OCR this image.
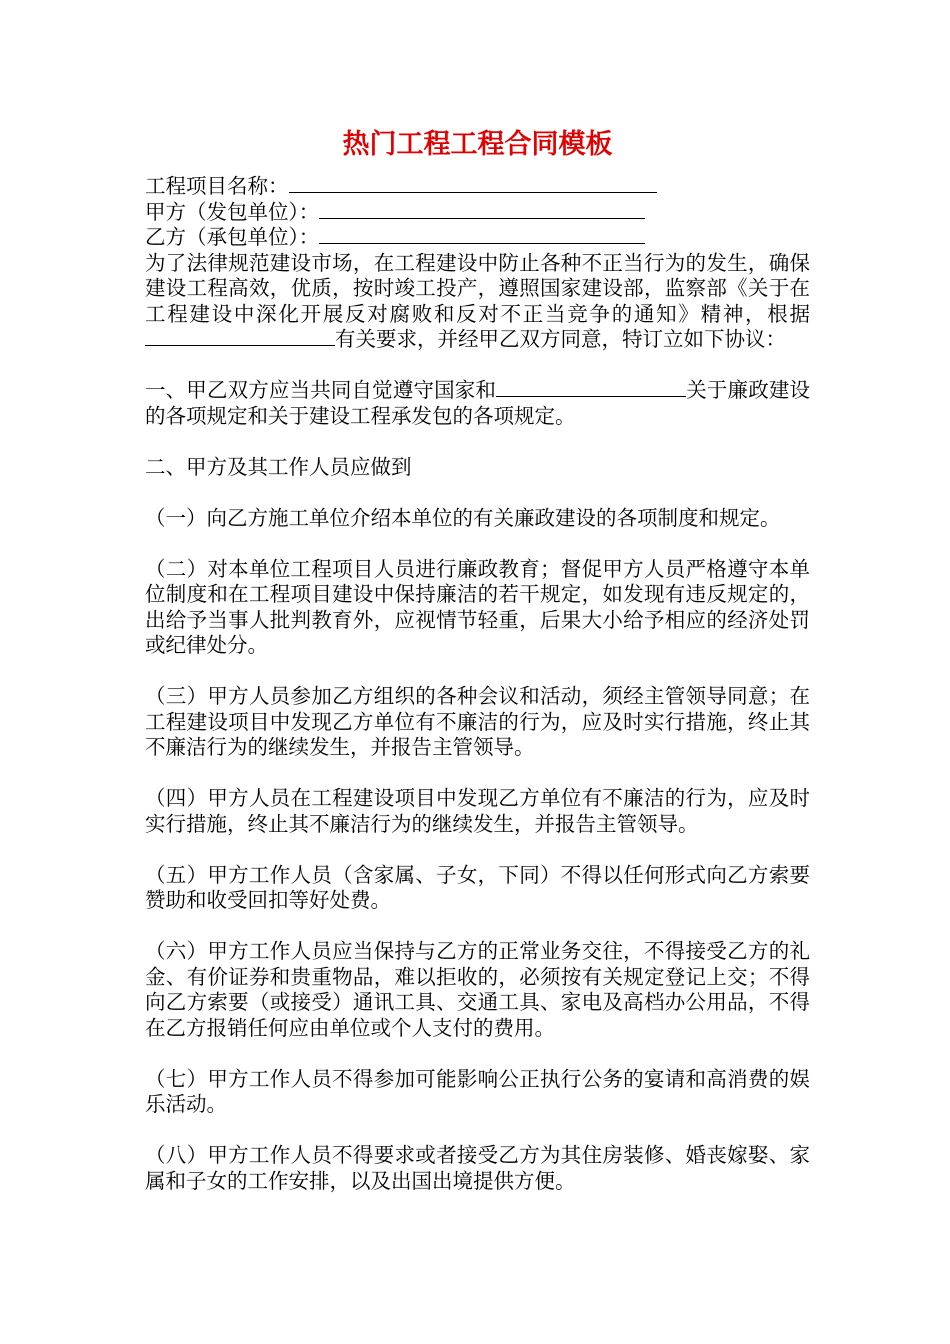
热门工程工程合同模板
工程项目名称：
甲方（发包单位）：
乙方（承包单位）：

为了法律规范建设市场，在工程建设中防止各种不正当行为的发生，确保建设工程高效，优质，按时竣工投产，遵照国家建设部，监察部《关于在工程建设中深化开展反对腐败和反对不正当竞争的通知》精神，根据有关要求，并经甲乙双方同意，特订立如下协议：

一、甲乙双方应当共同自觉遵守国家和	关于廉政建设的各项规定和关于建设工程承发包的各项规定。

二、甲方及其工作人员应做到

（一）向乙方施工单位介绍本单位的有关廉政建设的各项制度和规定。

（二）对本单位工程项目人员进行廉政教育；督促甲方人员严格遵守本单位制度和在工程项目建设中保持廉洁的若干规定，如发现有违反规定的，出给予当事人批判教育外，应视情节轻重，后果大小给予相应的经济处罚或纪律处分。

（三）甲方人员参加乙方组织的各种会议和活动，须经主管领导同意；在工程建设项目中发现乙方单位有不廉洁的行为，应及时实行措施，终止其不廉洁行为的继续发生，并报告主管领导。

（四）甲方人员在工程建设项目中发现乙方单位有不廉洁的行为，应及时实行措施，终止其不廉洁行为的继续发生，并报告主管领导。

（五）甲方工作人员（含家属、子女，下同）不得以任何形式向乙方索要赞助和收受回扣等好处费。

（六）甲方工作人员应当保持与乙方的正常业务交往，不得接受乙方的礼金、有价证券和贵重物品，难以拒收的，必须按有关规定登记上交；不得向乙方索要（或接受）通讯工具、交通工具、家电及高档办公用品，不得在乙方报销任何应由单位或个人支付的费用。

（七）甲方工作人员不得参加可能影响公正执行公务的宴请和高消费的娱乐活动。

（八）甲方工作人员不得要求或者接受乙方为其住房装修、婚丧嫁娶、家属和子女的工作安排，以及出国出境提供方便。
